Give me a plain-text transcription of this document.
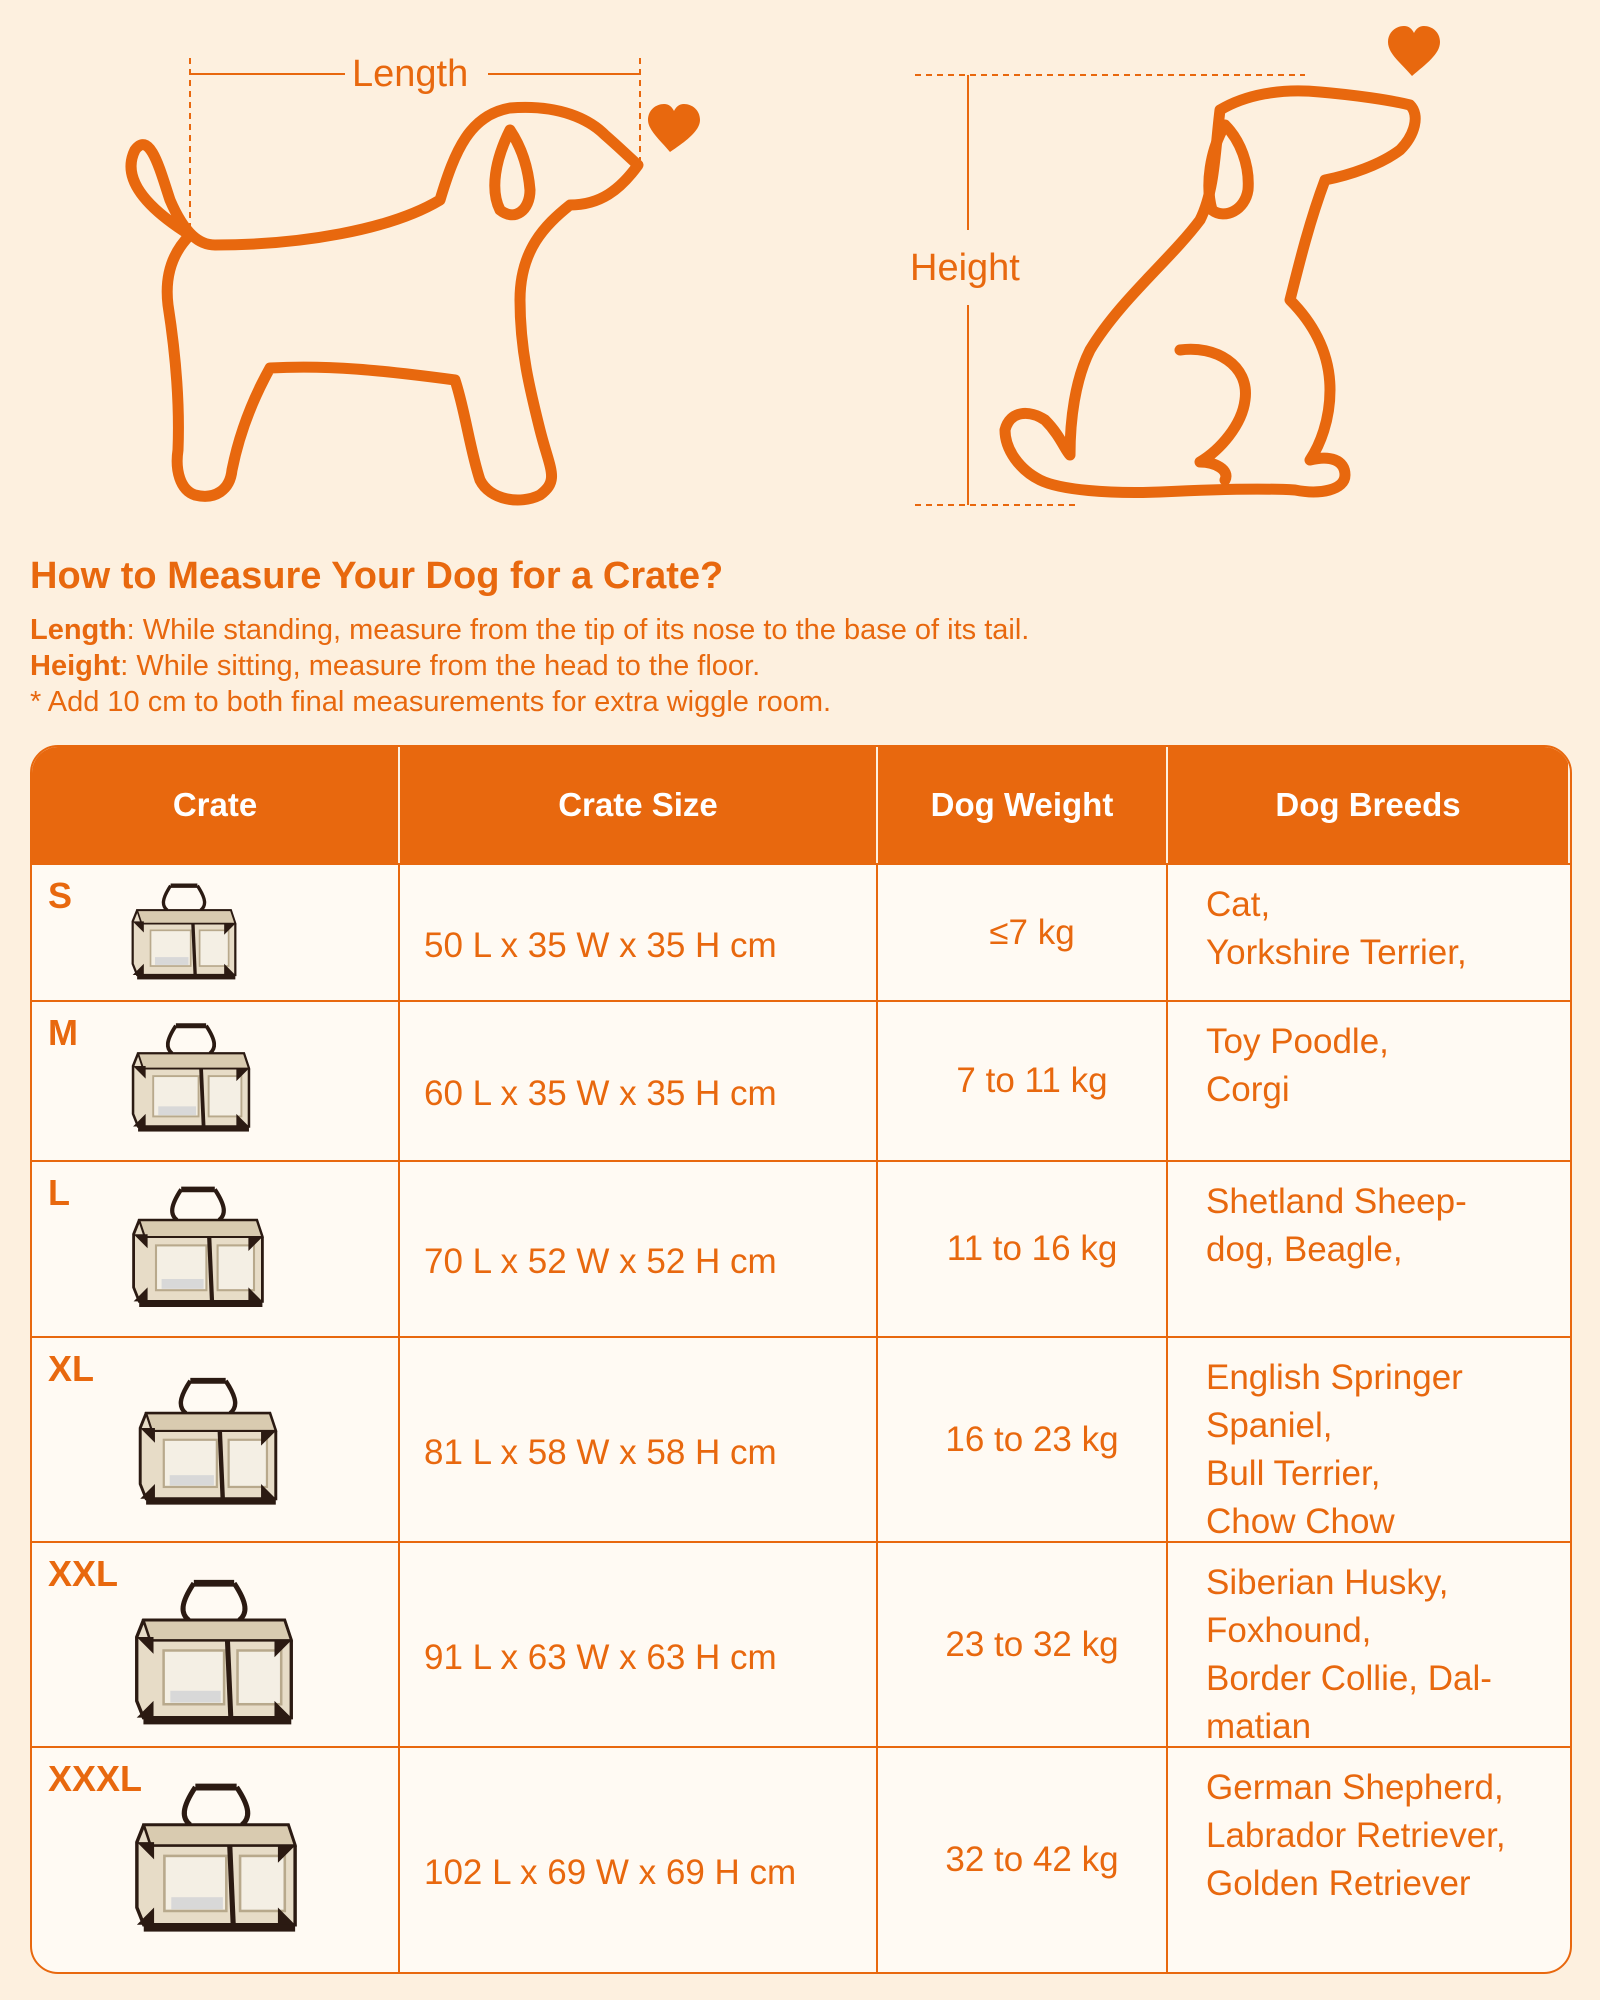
Length
Height
How to Measure Your Dog for a Crate?

Length: While standing, measure from the tip of its nose to the base of its tail.

Height: While sitting, measure from the head to the floor.

* Add 10 cm to both final measurements for extra wiggle room.

Crate	Crate Size	Dog Weight	Dog Breeds
S
50 L x 35 W x 35 H cm	≤7 kg
Cat,
Yorkshire Terrier,
M
60 L x 35 W x 35 H cm	7 to 11 kg
Toy Poodle,
Corgi
L
70 L x 52 W x 52 H cm	11 to 16 kg
Shetland Sheep-
dog, Beagle,
XL
81 L x 58 W x 58 H cm	16 to 23 kg
English Springer
Spaniel,
Bull Terrier,
Chow Chow
XXL
91 L x 63 W x 63 H cm	23 to 32 kg
Siberian Husky,
Foxhound,
Border Collie, Dal-
matian
XXXL
102 L x 69 W x 69 H cm	32 to 42 kg
German Shepherd,
Labrador Retriever,
Golden Retriever
